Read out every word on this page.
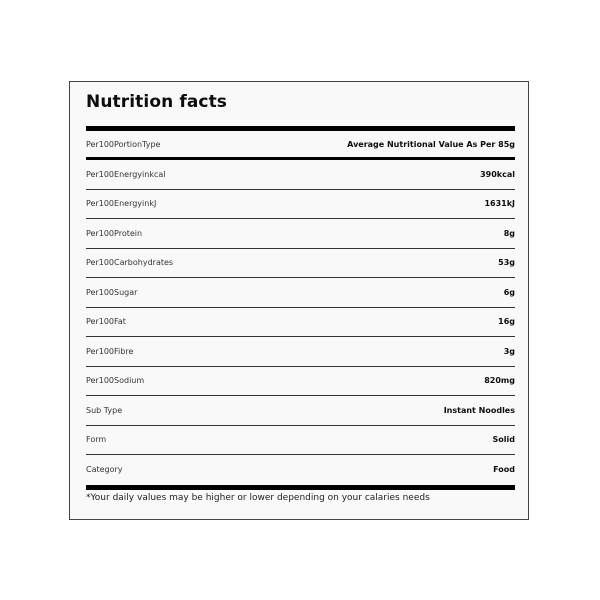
Nutrition facts
Per100PortionType	Average Nutritional Value As Per 85g
Per100Energyinkcal	390kcal
Per100EnergyinkJ	1631kJ
Per100Protein	8g
Per100Carbohydrates	53g
Per100Sugar	6g
Per100Fat	16g
Per100Fibre	3g
Per100Sodium	820mg
Sub Type	Instant Noodles
Form	Solid
Category	Food
*Your daily values may be higher or lower depending on your calaries needs
